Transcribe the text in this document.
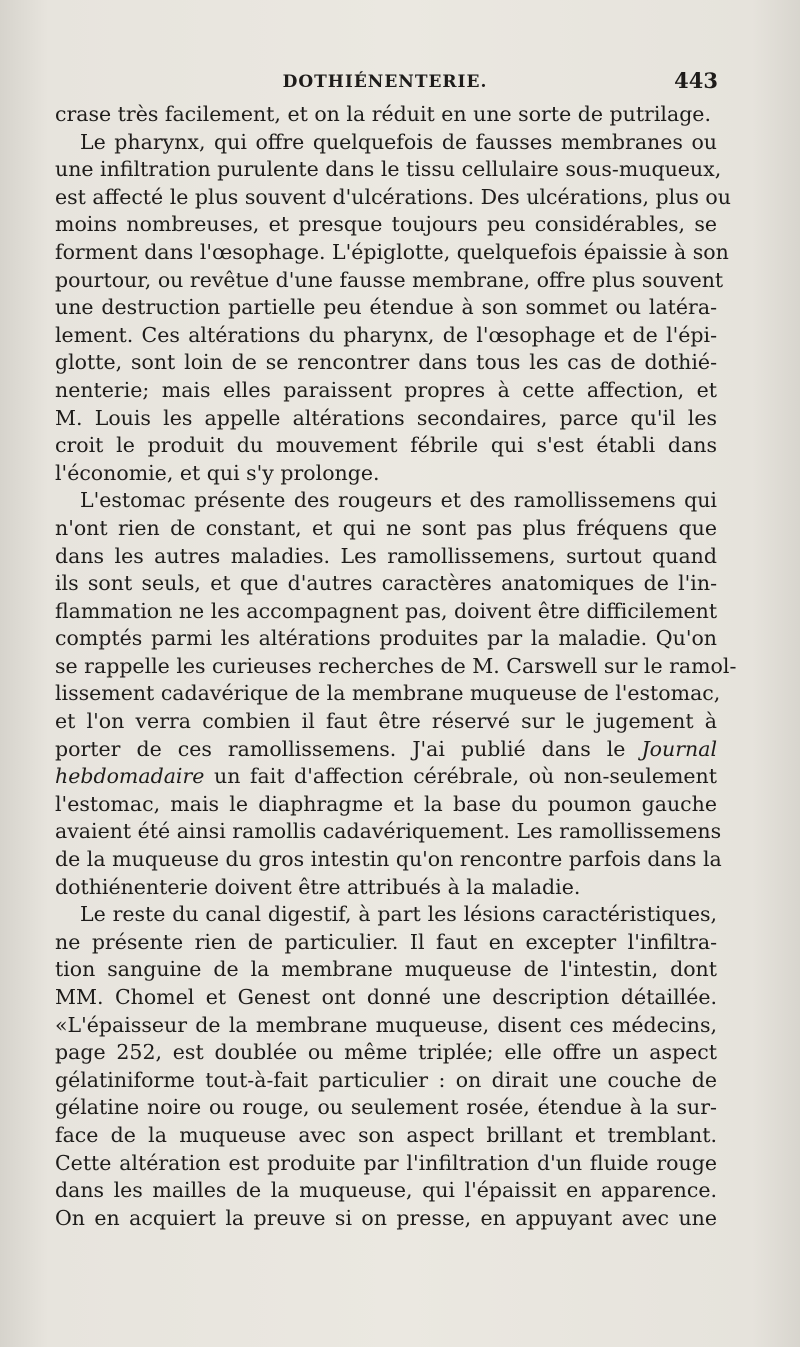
DOTHIÉNENTERIE.	443
crase très facilement, et on la réduit en une sorte de putrilage.
Le pharynx, qui offre quelquefois de fausses membranes ou
une infiltration purulente dans le tissu cellulaire sous-muqueux,
est affecté le plus souvent d'ulcérations. Des ulcérations, plus ou
moins nombreuses, et presque toujours peu considérables, se
forment dans l'œsophage. L'épiglotte, quelquefois épaissie à son
pourtour, ou revêtue d'une fausse membrane, offre plus souvent
une destruction partielle peu étendue à son sommet ou latéra-
lement. Ces altérations du pharynx, de l'œsophage et de l'épi-
glotte, sont loin de se rencontrer dans tous les cas de dothié-
nenterie; mais elles paraissent propres à cette affection, et
M. Louis les appelle altérations secondaires, parce qu'il les
croit le produit du mouvement fébrile qui s'est établi dans
l'économie, et qui s'y prolonge.
L'estomac présente des rougeurs et des ramollissemens qui
n'ont rien de constant, et qui ne sont pas plus fréquens que
dans les autres maladies. Les ramollissemens, surtout quand
ils sont seuls, et que d'autres caractères anatomiques de l'in-
flammation ne les accompagnent pas, doivent être difficilement
comptés parmi les altérations produites par la maladie. Qu'on
se rappelle les curieuses recherches de M. Carswell sur le ramol-
lissement cadavérique de la membrane muqueuse de l'estomac,
et l'on verra combien il faut être réservé sur le jugement à
porter de ces ramollissemens. J'ai publié dans le Journal
hebdomadaire un fait d'affection cérébrale, où non-seulement
l'estomac, mais le diaphragme et la base du poumon gauche
avaient été ainsi ramollis cadavériquement. Les ramollissemens
de la muqueuse du gros intestin qu'on rencontre parfois dans la
dothiénenterie doivent être attribués à la maladie.
Le reste du canal digestif, à part les lésions caractéristiques,
ne présente rien de particulier. Il faut en excepter l'infiltra-
tion sanguine de la membrane muqueuse de l'intestin, dont
MM. Chomel et Genest ont donné une description détaillée.
«L'épaisseur de la membrane muqueuse, disent ces médecins,
page 252, est doublée ou même triplée; elle offre un aspect
gélatiniforme tout-à-fait particulier : on dirait une couche de
gélatine noire ou rouge, ou seulement rosée, étendue à la sur-
face de la muqueuse avec son aspect brillant et tremblant.
Cette altération est produite par l'infiltration d'un fluide rouge
dans les mailles de la muqueuse, qui l'épaissit en apparence.
On en acquiert la preuve si on presse, en appuyant avec une
